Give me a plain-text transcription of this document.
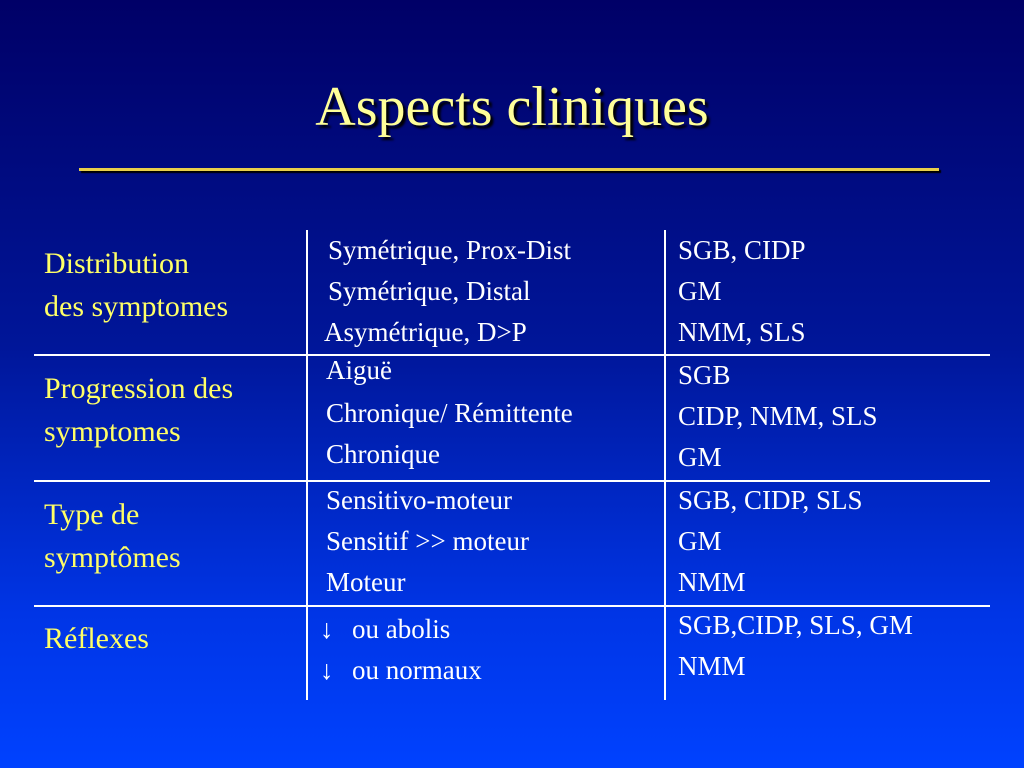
Aspects cliniques
Distribution
des symptomes
Symétrique, Prox-Dist
Symétrique, Distal
Asymétrique, D>P
SGB, CIDP
GM
NMM, SLS
Progression des
symptomes
Aiguë
Chronique/ Rémittente
Chronique
SGB
CIDP, NMM, SLS
GM
Type de
symptômes
Sensitivo-moteur
Sensitif >> moteur
Moteur
SGB, CIDP, SLS
GM
NMM
Réflexes	↓ ou abolis
↓ ou normaux
SGB,CIDP, SLS, GM
NMM
